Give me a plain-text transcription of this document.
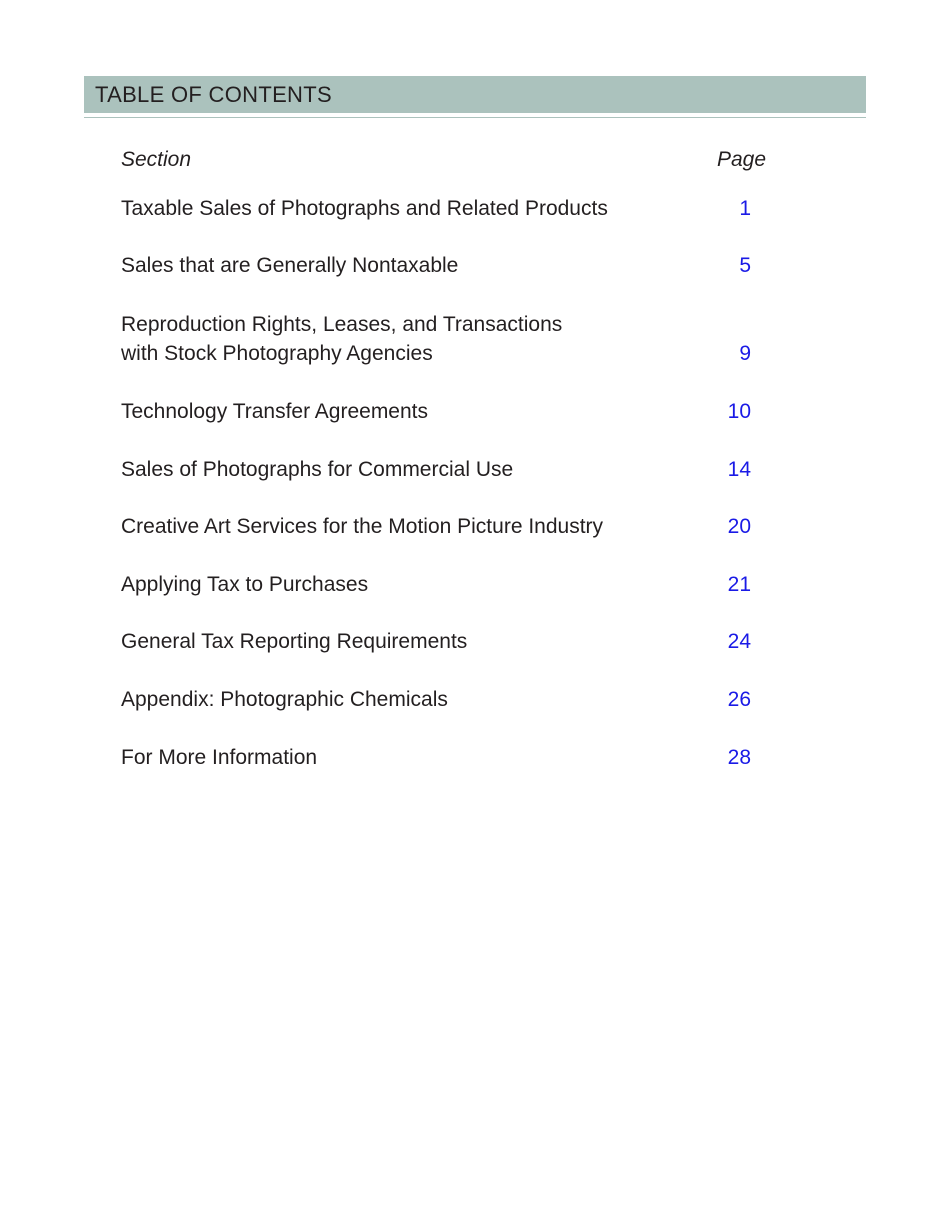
TABLE OF CONTENTS
Section	Page
Taxable Sales of Photographs and Related Products	1
Sales that are Generally Nontaxable	5
Reproduction Rights, Leases, and Transactions
with Stock Photography Agencies	9
Technology Transfer Agreements	10
Sales of Photographs for Commercial Use	14
Creative Art Services for the Motion Picture Industry	20
Applying Tax to Purchases	21
General Tax Reporting Requirements	24
Appendix: Photographic Chemicals	26
For More Information	28
